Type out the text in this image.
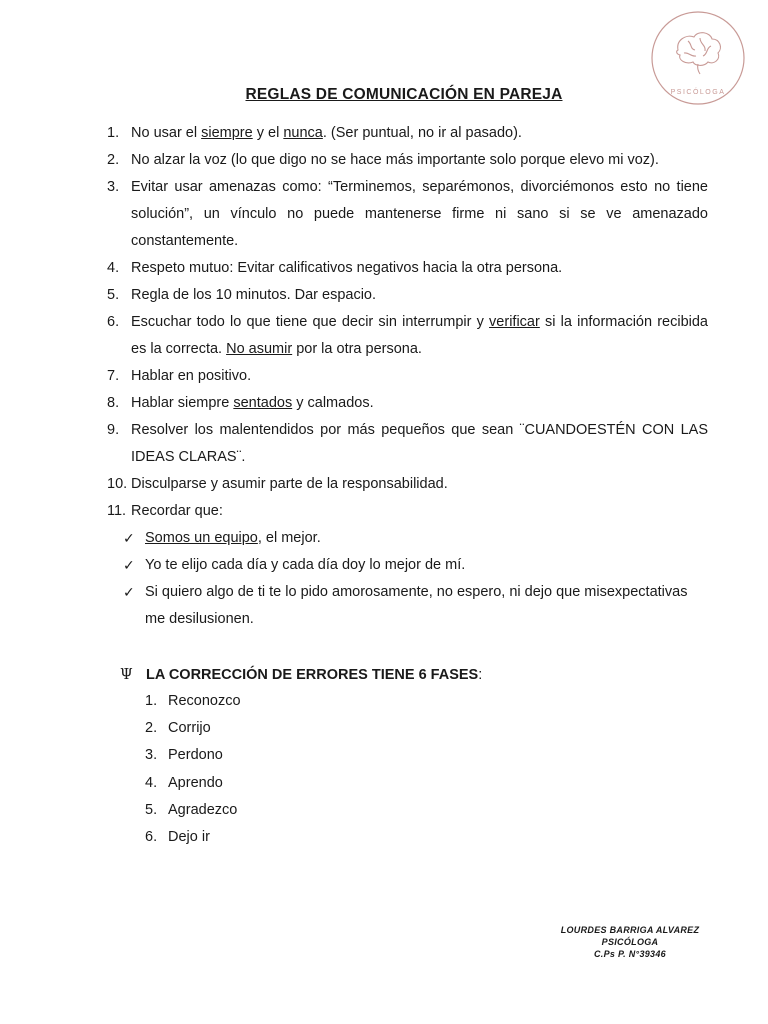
PSICÓLOGA
REGLAS DE COMUNICACIÓN EN PAREJA
1. No usar el siempre y el nunca. (Ser puntual, no ir al pasado).
2. No alzar la voz (lo que digo no se hace más importante solo porque elevo mi voz).
3. Evitar usar amenazas como: “Terminemos, separémonos, divorciémonos esto no tiene solución”, un vínculo no puede mantenerse firme ni sano si se ve amenazado constantemente.
4. Respeto mutuo: Evitar calificativos negativos hacia la otra persona.
5. Regla de los 10 minutos. Dar espacio.
6. Escuchar todo lo que tiene que decir sin interrumpir y verificar si la información recibida es la correcta. No asumir por la otra persona.
7. Hablar en positivo.
8. Hablar siempre sentados y calmados.
9. Resolver los malentendidos por más pequeños que sean ¨CUANDOESTÉN CON LAS IDEAS CLARAS¨.
10. Disculparse y asumir parte de la responsabilidad.
11. Recordar que:
✓ Somos un equipo, el mejor.
✓ Yo te elijo cada día y cada día doy lo mejor de mí.
✓ Si quiero algo de ti te lo pido amorosamente, no espero, ni dejo que misexpectativas me desilusionen.
Ψ LA CORRECCIÓN DE ERRORES TIENE 6 FASES :
1. Reconozco
2. Corrijo
3. Perdono
4. Aprendo
5. Agradezco
6. Dejo ir
LOURDES BARRIGA ALVAREZ
PSICÓLOGA
C.Ps P. N°39346
